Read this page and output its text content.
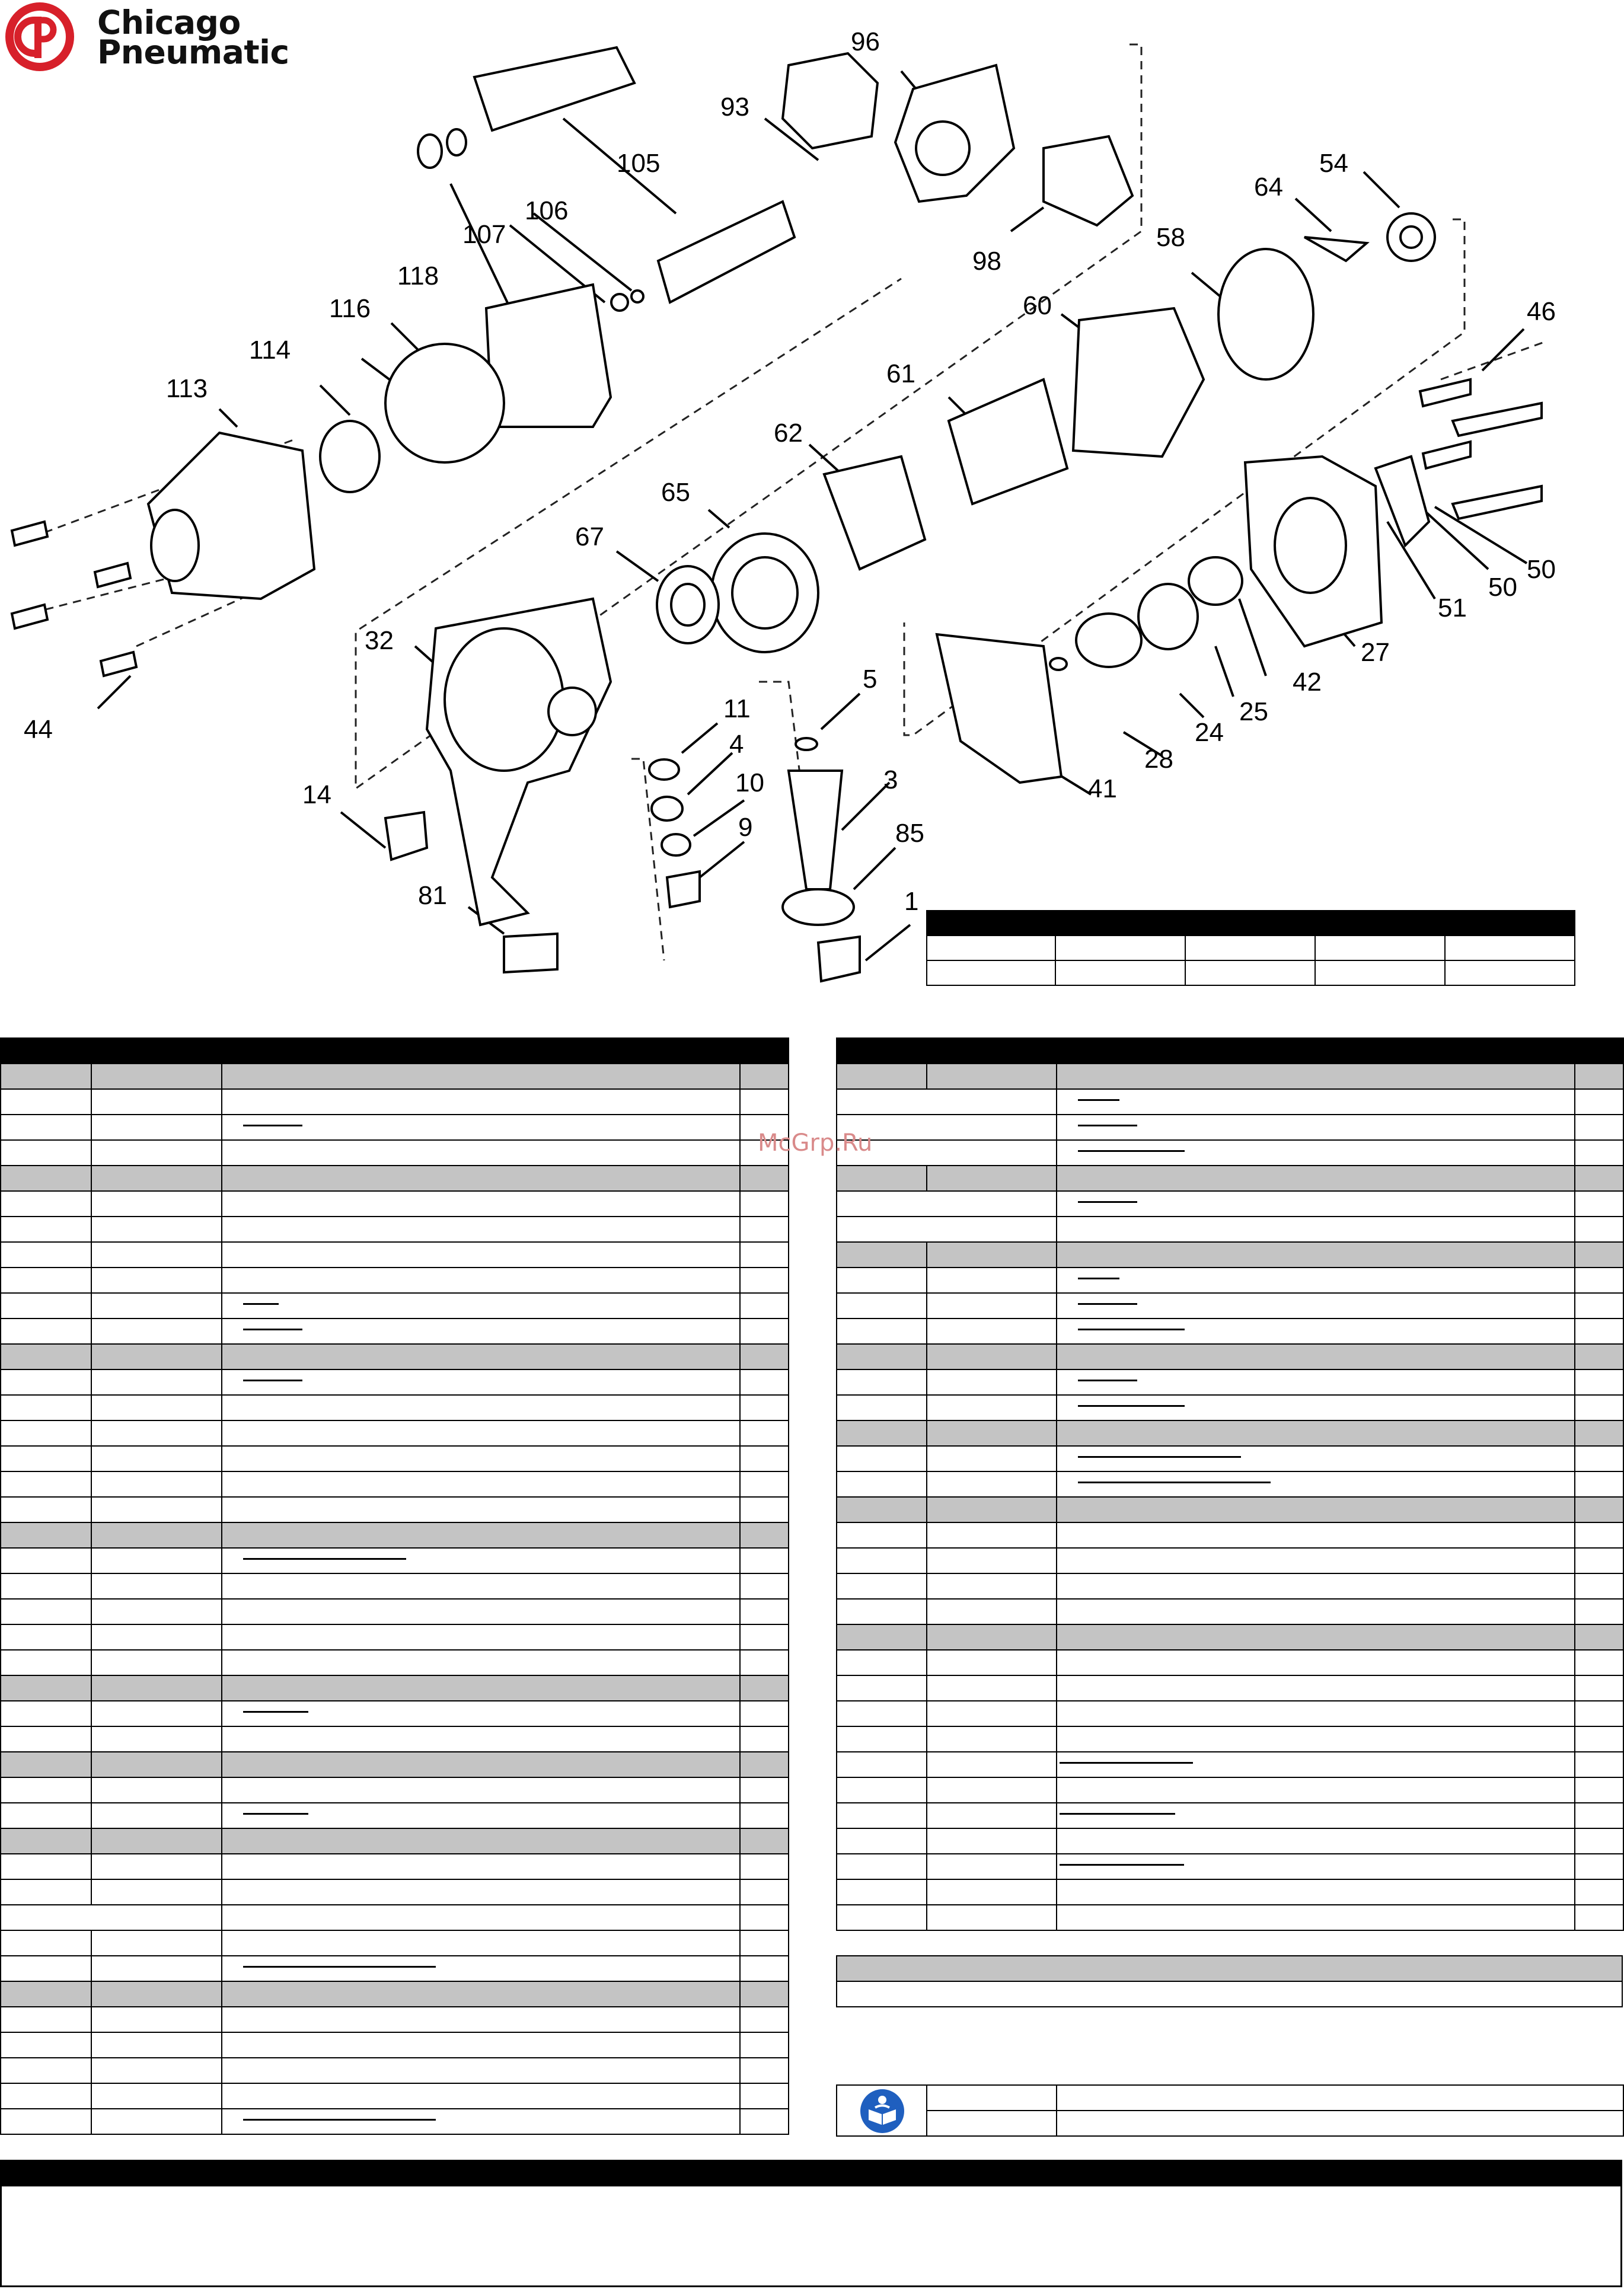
Chicago
Pneumatic	96
93
105
106
107
118
116
114
113
98
64
54
58
60
61
62
65
67
46
32
44
14
81
11
4
10
9
5
3
85
1
41
28
24
25
42
27
51
50
50

McGrp.Ru
